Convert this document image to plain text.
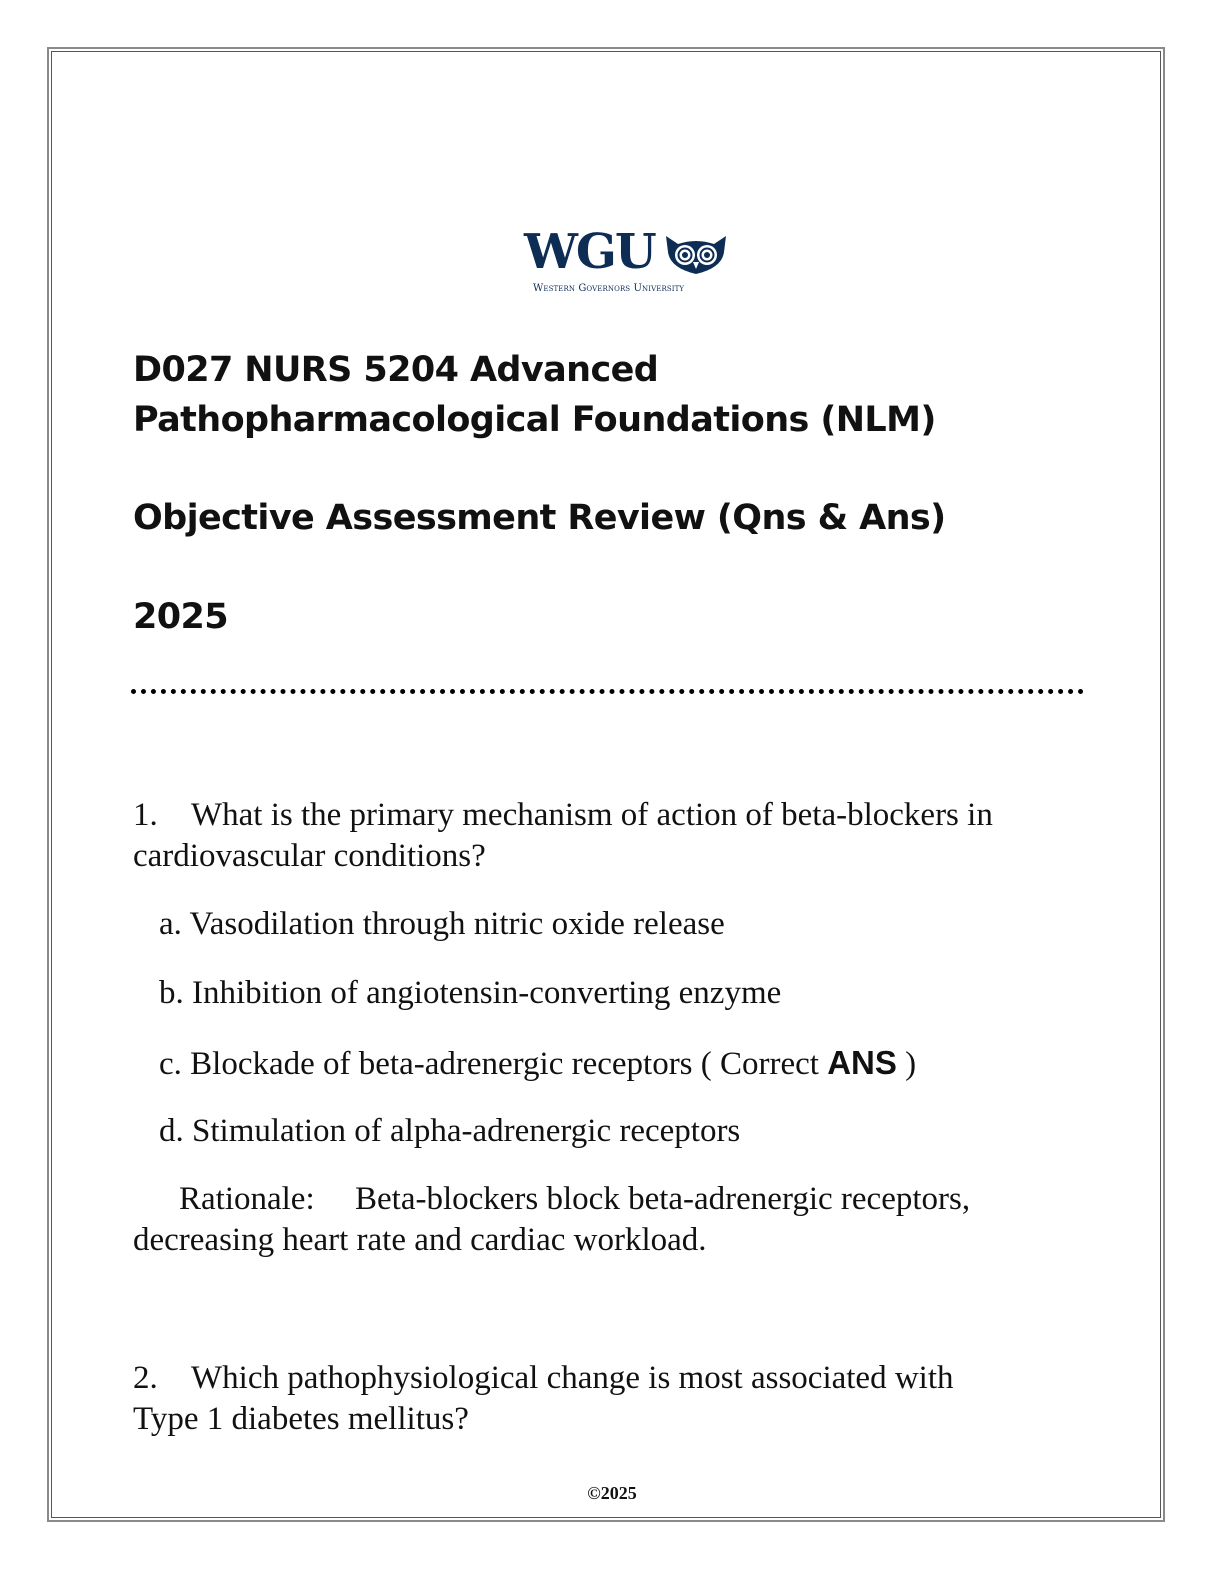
WGU
Western Governors University
D027 NURS 5204 Advanced
Pathopharmacological Foundations (NLM)
Objective Assessment Review (Qns & Ans)
2025
1. What is the primary mechanism of action of beta-blockers in
cardiovascular conditions?
a. Vasodilation through nitric oxide release
b. Inhibition of angiotensin-converting enzyme
c. Blockade of beta-adrenergic receptors ( Correct ANS )
d. Stimulation of alpha-adrenergic receptors
Rationale: Beta-blockers block beta-adrenergic receptors,
decreasing heart rate and cardiac workload.
2. Which pathophysiological change is most associated with
Type 1 diabetes mellitus?
©2025
